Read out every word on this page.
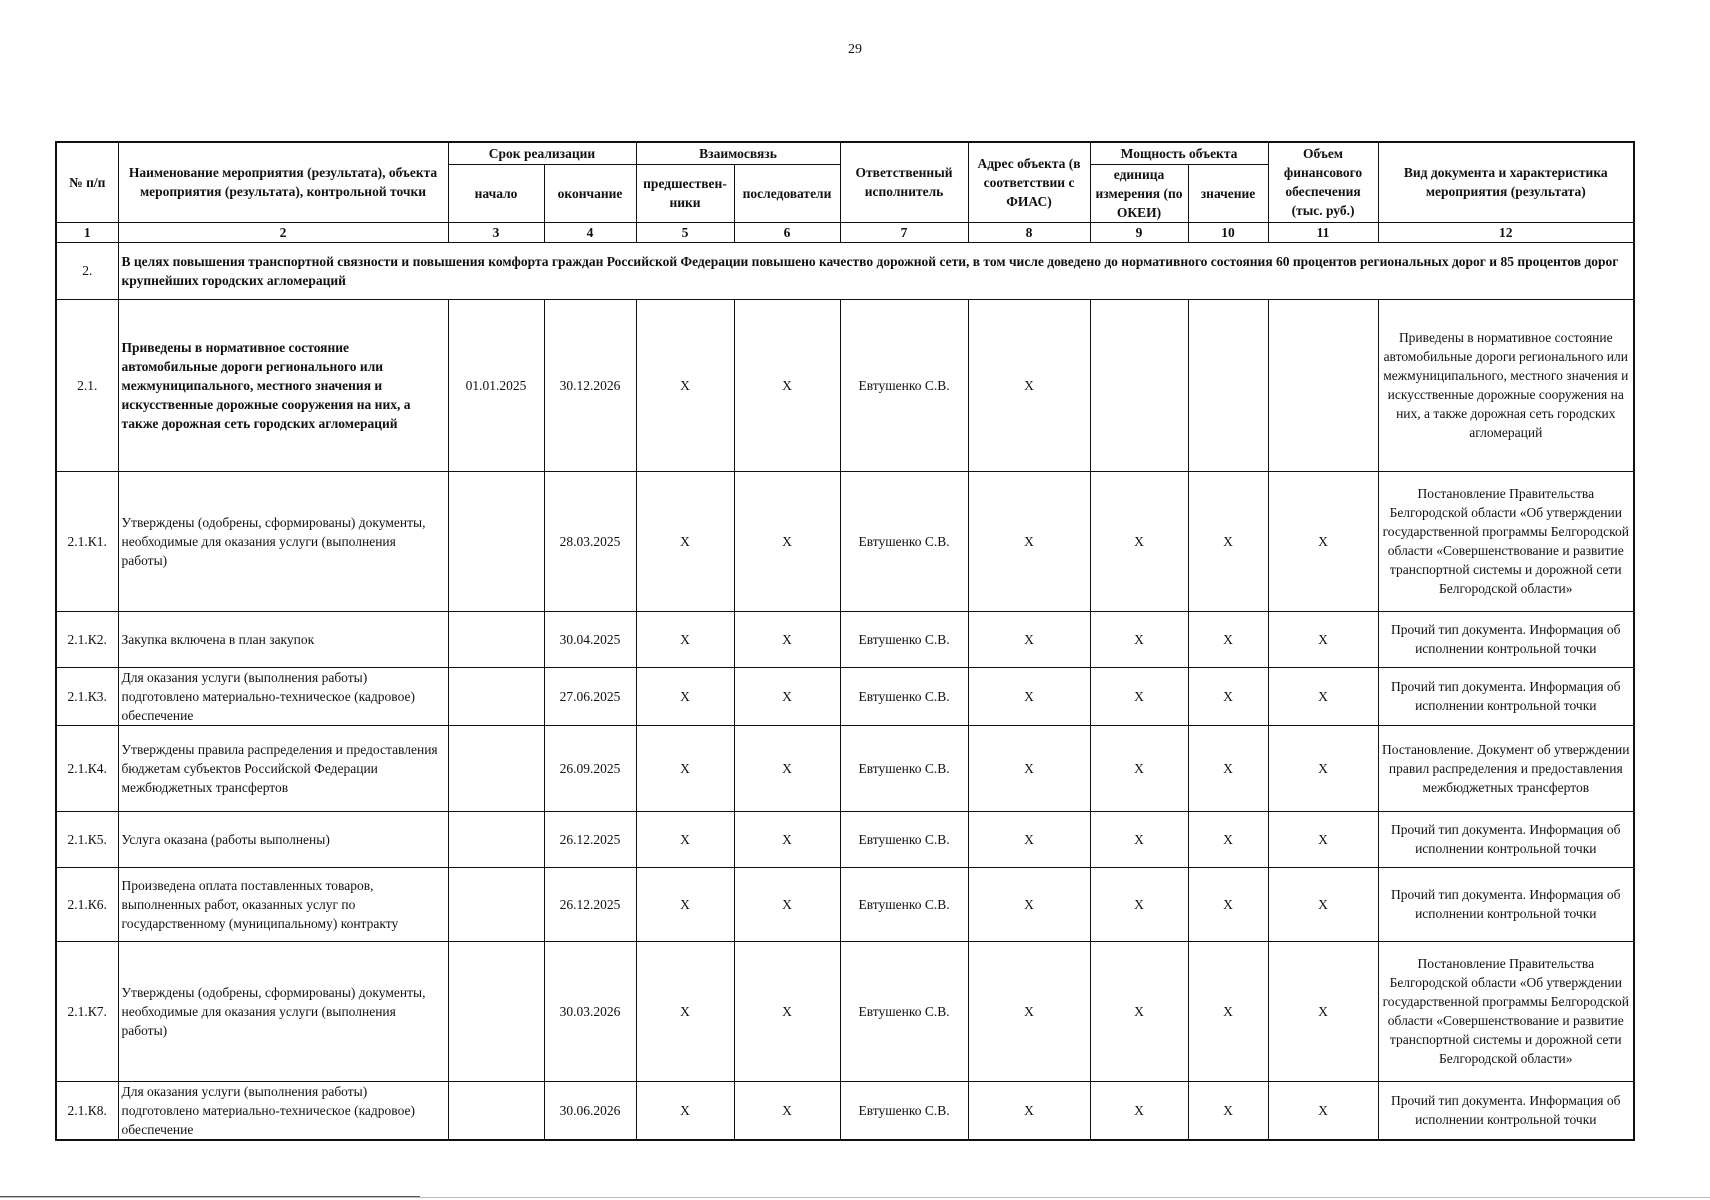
29
№ п/п	Наименование мероприятия (результата), объекта мероприятия (результата), контрольной точки	Срок реализации		Взаимосвязь		Ответственный исполнитель	Адрес объекта (в соответствии с ФИАС)	Мощность объекта		Объем финансового обеспечения (тыс. руб.)	Вид документа и характеристика мероприятия (результата)
		начало	окончание	предшествен-ники	последователи			единица измерения (по ОКЕИ)	значение		
1	2	3	4	5	6	7	8	9	10	11	12
2.	В целях повышения транспортной связности и повышения комфорта граждан Российской Федерации повышено качество дорожной сети, в том числе доведено до нормативного состояния 60 процентов региональных дорог и 85 процентов дорог крупнейших городских агломераций										
2.1.	Приведены в нормативное состояние автомобильные дороги регионального или межмуниципального, местного значения и искусственные дорожные сооружения на них, а также дорожная сеть городских агломераций	01.01.2025	30.12.2026	X	X	Евтушенко С.В.	X				Приведены в нормативное состояние автомобильные дороги регионального или межмуниципального, местного значения и искусственные дорожные сооружения на них, а также дорожная сеть городских агломераций
2.1.К1.	Утверждены (одобрены, сформированы) документы, необходимые для оказания услуги (выполнения работы)		28.03.2025	X	X	Евтушенко С.В.	X	X	X	X	Постановление Правительства Белгородской области «Об утверждении государственной программы Белгородской области «Совершенствование и развитие транспортной системы и дорожной сети Белгородской области»
2.1.К2.	Закупка включена в план закупок		30.04.2025	X	X	Евтушенко С.В.	X	X	X	X	Прочий тип документа. Информация об исполнении контрольной точки
2.1.К3.	Для оказания услуги (выполнения работы) подготовлено материально-техническое (кадровое) обеспечение		27.06.2025	X	X	Евтушенко С.В.	X	X	X	X	Прочий тип документа. Информация об исполнении контрольной точки
2.1.К4.	Утверждены правила распределения и предоставления бюджетам субъектов Российской Федерации межбюджетных трансфертов		26.09.2025	X	X	Евтушенко С.В.	X	X	X	X	Постановление. Документ об утверждении правил распределения и предоставления межбюджетных трансфертов
2.1.К5.	Услуга оказана (работы выполнены)		26.12.2025	X	X	Евтушенко С.В.	X	X	X	X	Прочий тип документа. Информация об исполнении контрольной точки
2.1.К6.	Произведена оплата поставленных товаров, выполненных работ, оказанных услуг по государственному (муниципальному) контракту		26.12.2025	X	X	Евтушенко С.В.	X	X	X	X	Прочий тип документа. Информация об исполнении контрольной точки
2.1.К7.	Утверждены (одобрены, сформированы) документы, необходимые для оказания услуги (выполнения работы)		30.03.2026	X	X	Евтушенко С.В.	X	X	X	X	Постановление Правительства Белгородской области «Об утверждении государственной программы Белгородской области «Совершенствование и развитие транспортной системы и дорожной сети Белгородской области»
2.1.К8.	Для оказания услуги (выполнения работы) подготовлено материально-техническое (кадровое) обеспечение		30.06.2026	X	X	Евтушенко С.В.	X	X	X	X	Прочий тип документа. Информация об исполнении контрольной точки
